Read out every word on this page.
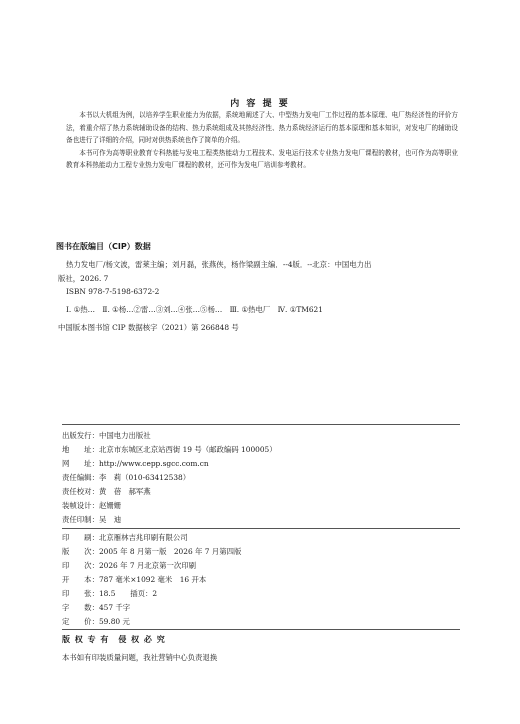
内 容 提 要

本书以大机组为例，以培养学生职业能力为依据，系统地阐述了大、中型热力发电厂工作过程的基本原理、电厂热经济性的评价方法，着重介绍了热力系统辅助设备的结构、热力系统组成及其热经济性、热力系统经济运行的基本原理和基本知识，对发电厂的辅助设备也进行了详细的介绍，同时对供热系统也作了简单的介绍。

本书可作为高等职业教育专科热能与发电工程类热能动力工程技术、发电运行技术专业热力发电厂课程的教材，也可作为高等职业教育本科热能动力工程专业热力发电厂课程的教材，还可作为发电厂培训参考教材。

图书在版编目（CIP）数据
热力发电厂/杨文波，雷莱主编；刘月磊，张燕侠，杨作梁副主编．--4版．--北京：中国电力出
版社，2026. 7
ISBN 978-7-5198-6372-2
Ⅰ. ①热…　Ⅱ. ①杨…②雷…③刘…④张…⑤杨…　Ⅲ. ①热电厂　Ⅳ. ①TM621
中国版本图书馆 CIP 数据核字（2021）第 266848 号
出版发行：中国电力出版社
地　　址：北京市东城区北京站西街 19 号（邮政编码 100005）
网　　址：http://www.cepp.sgcc.com.cn
责任编辑：李　莉（010-63412538）
责任校对：黄　蓓　郝军燕
装帧设计：赵姗姗
责任印制：吴　迪
印　　刷：北京雁林吉兆印刷有限公司
版　　次：2005 年 8 月第一版　2026 年 7 月第四版
印　　次：2026 年 7 月北京第一次印刷
开　　本：787 毫米×1092 毫米　16 开本
印　　张：18.5　　插页：2
字　　数：457 千字
定　　价：59.80 元
版 权 专 有　侵 权 必 究
本书如有印装质量问题，我社营销中心负责退换
